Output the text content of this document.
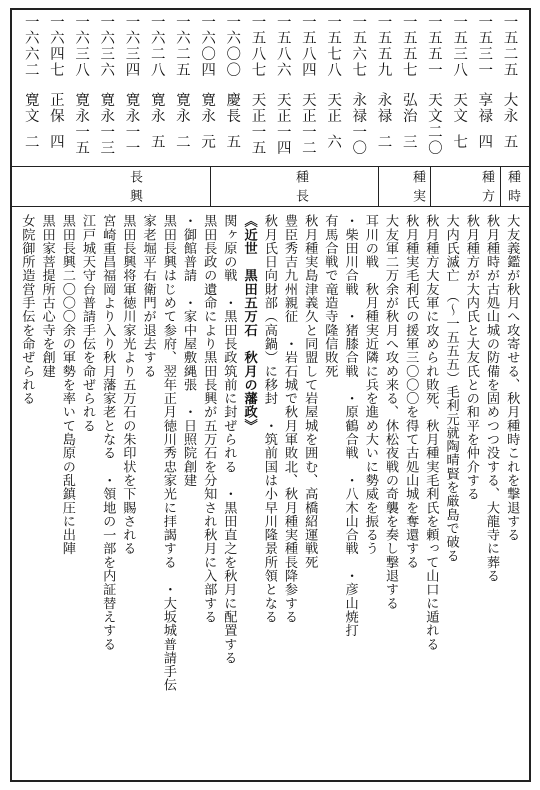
一五二五
大永
五
一五三一
享禄
四
一五三八
天文
七
一五五一
天文二〇
一五五七
弘治
三
一五五九
永禄
二
一五六七
永禄一〇
一五七八
天正
六
一五八四
天正一二
一五八六
天正一四
一五八七
天正一五
一六〇〇
慶長
五
一六〇四
寛永
元
一六二五
寛永
二
一六二八
寛永
五
一六三四
寛永一一
一六三六
寛永一三
一六三八
寛永一五
一六四七
正保
四
一六六二
寛文
二
種時
種方
種実
種長
長興
大友義鑑が秋月へ攻寄せる、秋月種時これを撃退する
秋月種時が古処山城の防備を固めつつ没する、大龍寺に葬る
秋月種方が大内氏と大友氏との和平を仲介する
大内氏滅亡　（～一五五五）毛利元就陶晴賢を厳島で破る
秋月種方大友軍に攻められ敗死、秋月種実毛利氏を頼って山口に遁れる
秋月種実毛利氏の援軍三〇〇〇を得て古処山城を奪還する
大友軍二万余が秋月へ攻め来る、休松夜戦の奇襲を奏し撃退する
耳川の戦　秋月種実近隣に兵を進め大いに勢威を振るう
・柴田川合戦　・猪膝合戦　・原鶴合戦　・八木山合戦　・彦山焼打
有馬合戦で竜造寺隆信敗死
秋月種実島津義久と同盟して岩屋城を囲む、高橋紹運戦死
豊臣秀吉九州親征　・岩石城で秋月軍敗北、秋月種実種長降参する
秋月氏日向財部（高鍋）に移封　・筑前国は小早川隆景所領となる
《近世　黒田五万石　秋月の藩政》
関ヶ原の戦　・黒田長政筑前に封ぜられる　・黒田直之を秋月に配置する
黒田長政の遺命により黒田長興が五万石を分知され秋月に入部する
・御館普請　・家中屋敷縄張　・日照院創建
黒田長興はじめて参府、翌年正月徳川秀忠家光に拝謁する　・大坂城普請手伝
家老堀平右衛門が退去する
黒田長興将軍徳川家光より五万石の朱印状を下賜される
宮崎重昌福岡より入り秋月藩家老となる　・領地の一部を内証替えする
江戸城天守台普請手伝を命ぜられる
黒田長興二〇〇〇余の軍勢を率いて島原の乱鎮圧に出陣
黒田家菩提所古心寺を創建
女院御所造営手伝を命ぜられる
